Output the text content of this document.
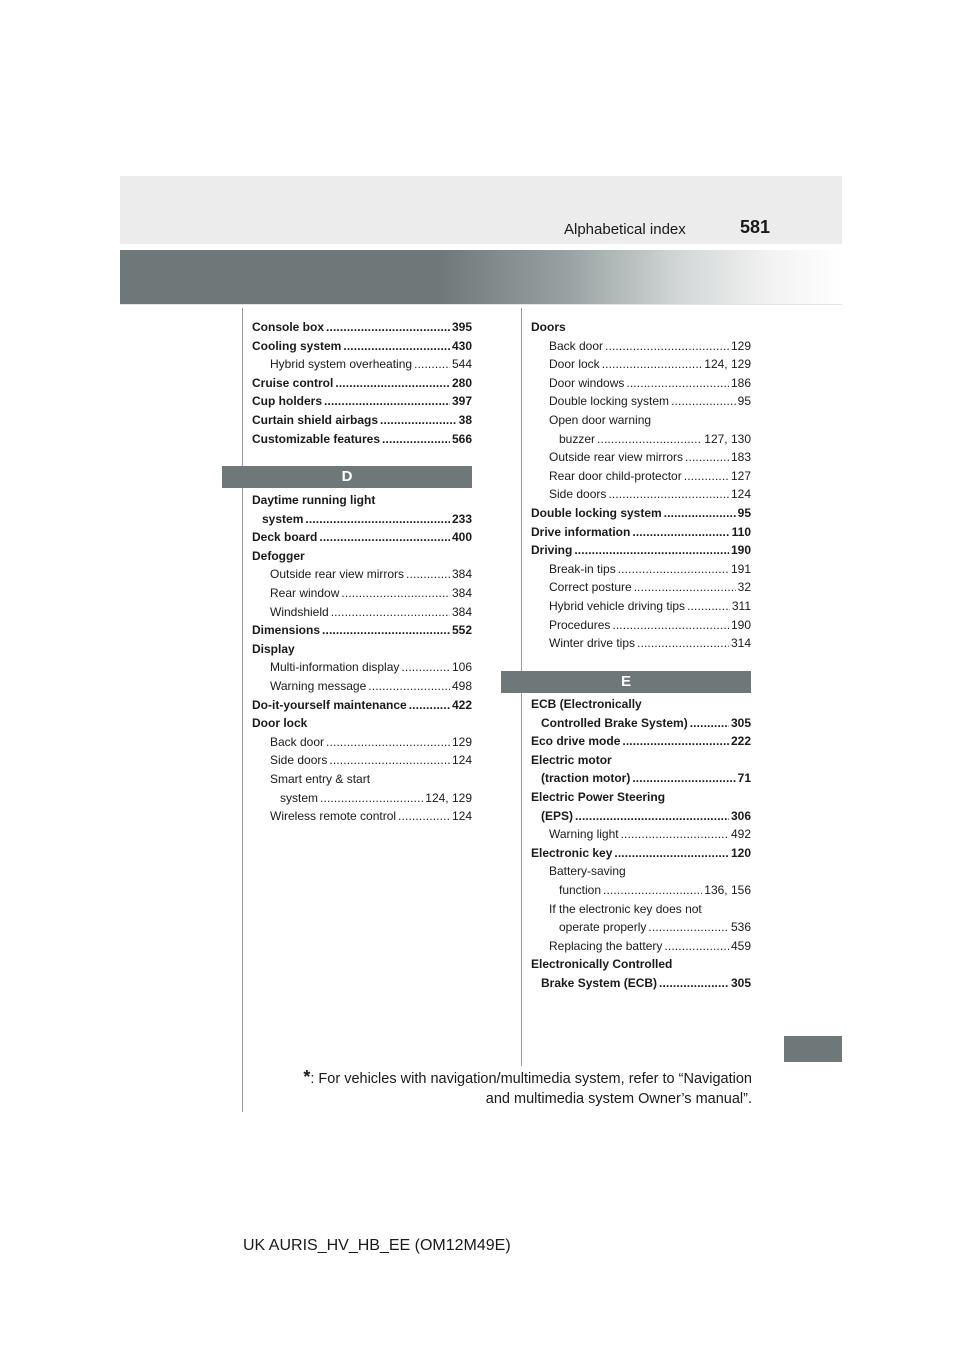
Alphabetical index	581
Console box . . .	395
Cooling system . . .	430
Hybrid system overheating . . .	544
Cruise control . . .	280
Cup holders . . .	397
Curtain shield airbags . . .	38
Customizable features . . .	566
D
Daytime running light
system . . .	233
Deck board . . .	400
Defogger
Outside rear view mirrors . . .	384
Rear window . . .	384
Windshield . . .	384
Dimensions . . .	552
Display
Multi-information display . . .	106
Warning message . . .	498
Do-it-yourself maintenance . . .	422
Door lock
Back door . . .	129
Side doors . . .	124
Smart entry & start
system . . .	124, 129
Wireless remote control . . .	124
Doors
Back door . . .	129
Door lock . . .	124, 129
Door windows . . .	186
Double locking system . . .	95
Open door warning
buzzer . . .	127, 130
Outside rear view mirrors . . .	183
Rear door child-protector . . .	127
Side doors . . .	124
Double locking system . . .	95
Drive information . . .	110
Driving . . .	190
Break-in tips . . .	191
Correct posture . . .	32
Hybrid vehicle driving tips . . .	311
Procedures . . .	190
Winter drive tips . . .	314
E
ECB (Electronically
Controlled Brake System) . . .	305
Eco drive mode . . .	222
Electric motor
(traction motor) . . .	71
Electric Power Steering
(EPS) . . .	306
Warning light . . .	492
Electronic key . . .	120
Battery-saving
function . . .	136, 156
If the electronic key does not
operate properly . . .	536
Replacing the battery . . .	459
Electronically Controlled
Brake System (ECB) . . .	305
*: For vehicles with navigation/multimedia system, refer to “Navigation
and multimedia system Owner’s manual”.
UK AURIS_HV_HB_EE (OM12M49E)
